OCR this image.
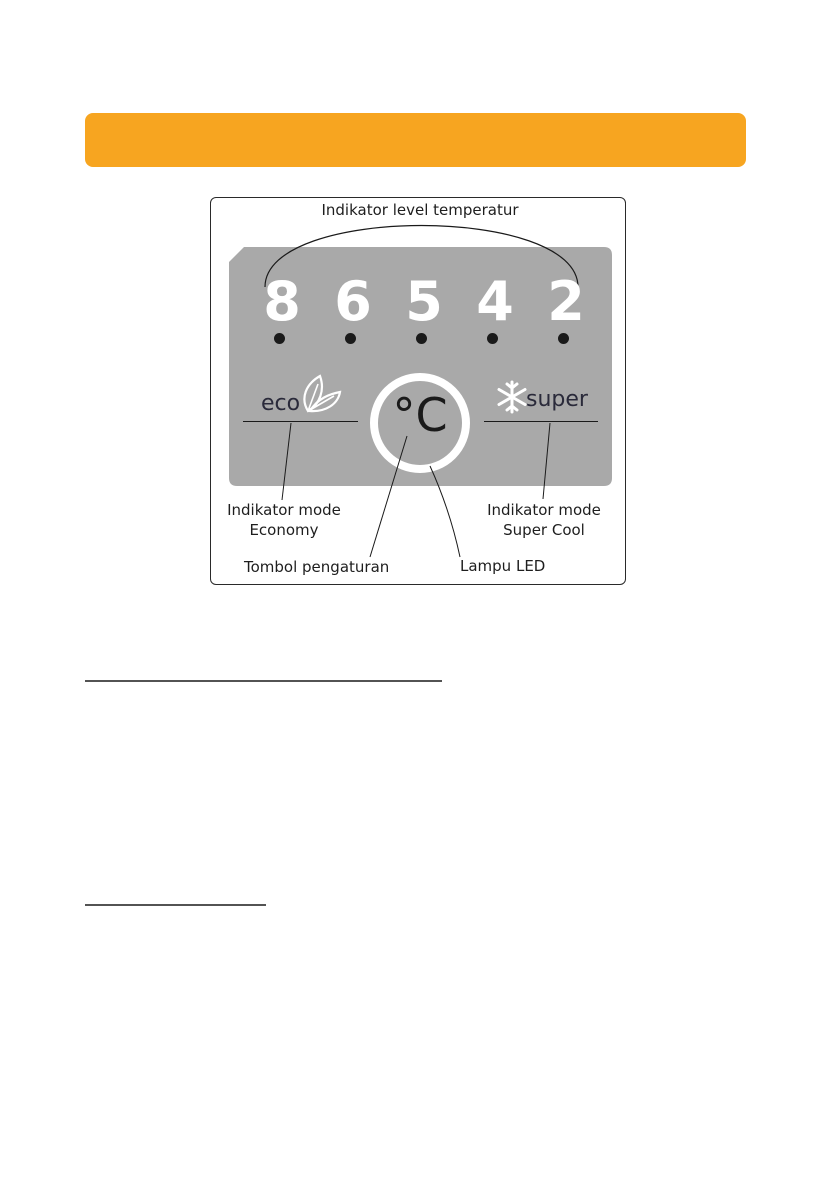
Indikator level temperatur
8 6 5 4 2
eco	super
°C
Indikator mode
Economy
Indikator mode
Super Cool
Tombol pengaturan	Lampu LED
